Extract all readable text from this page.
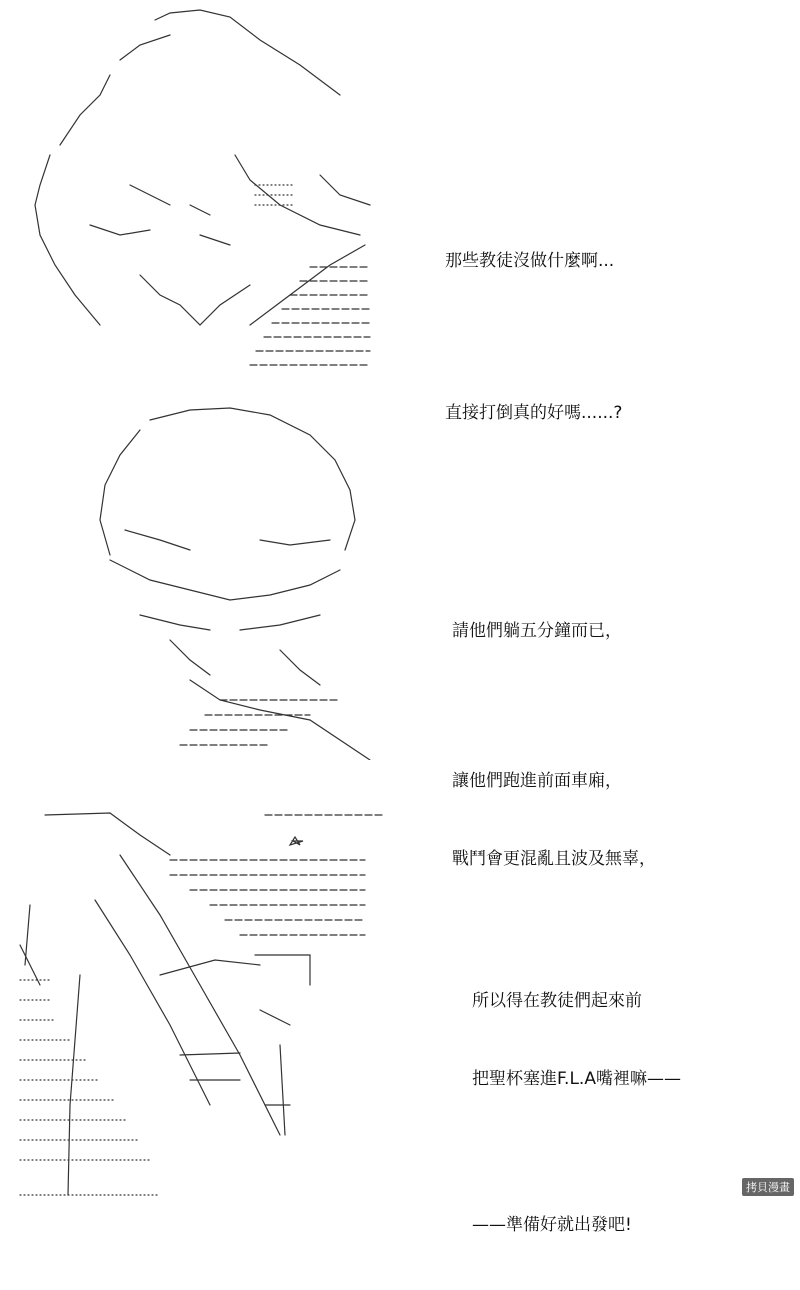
那些教徒沒做什麼啊...

直接打倒真的好嗎......?

請他們躺五分鐘而已，

讓他們跑進前面車廂，

戰鬥會更混亂且波及無辜，

所以得在教徒們起來前

把聖杯塞進F.L.A嘴裡嘛——

——準備好就出發吧!

拷貝漫畫
